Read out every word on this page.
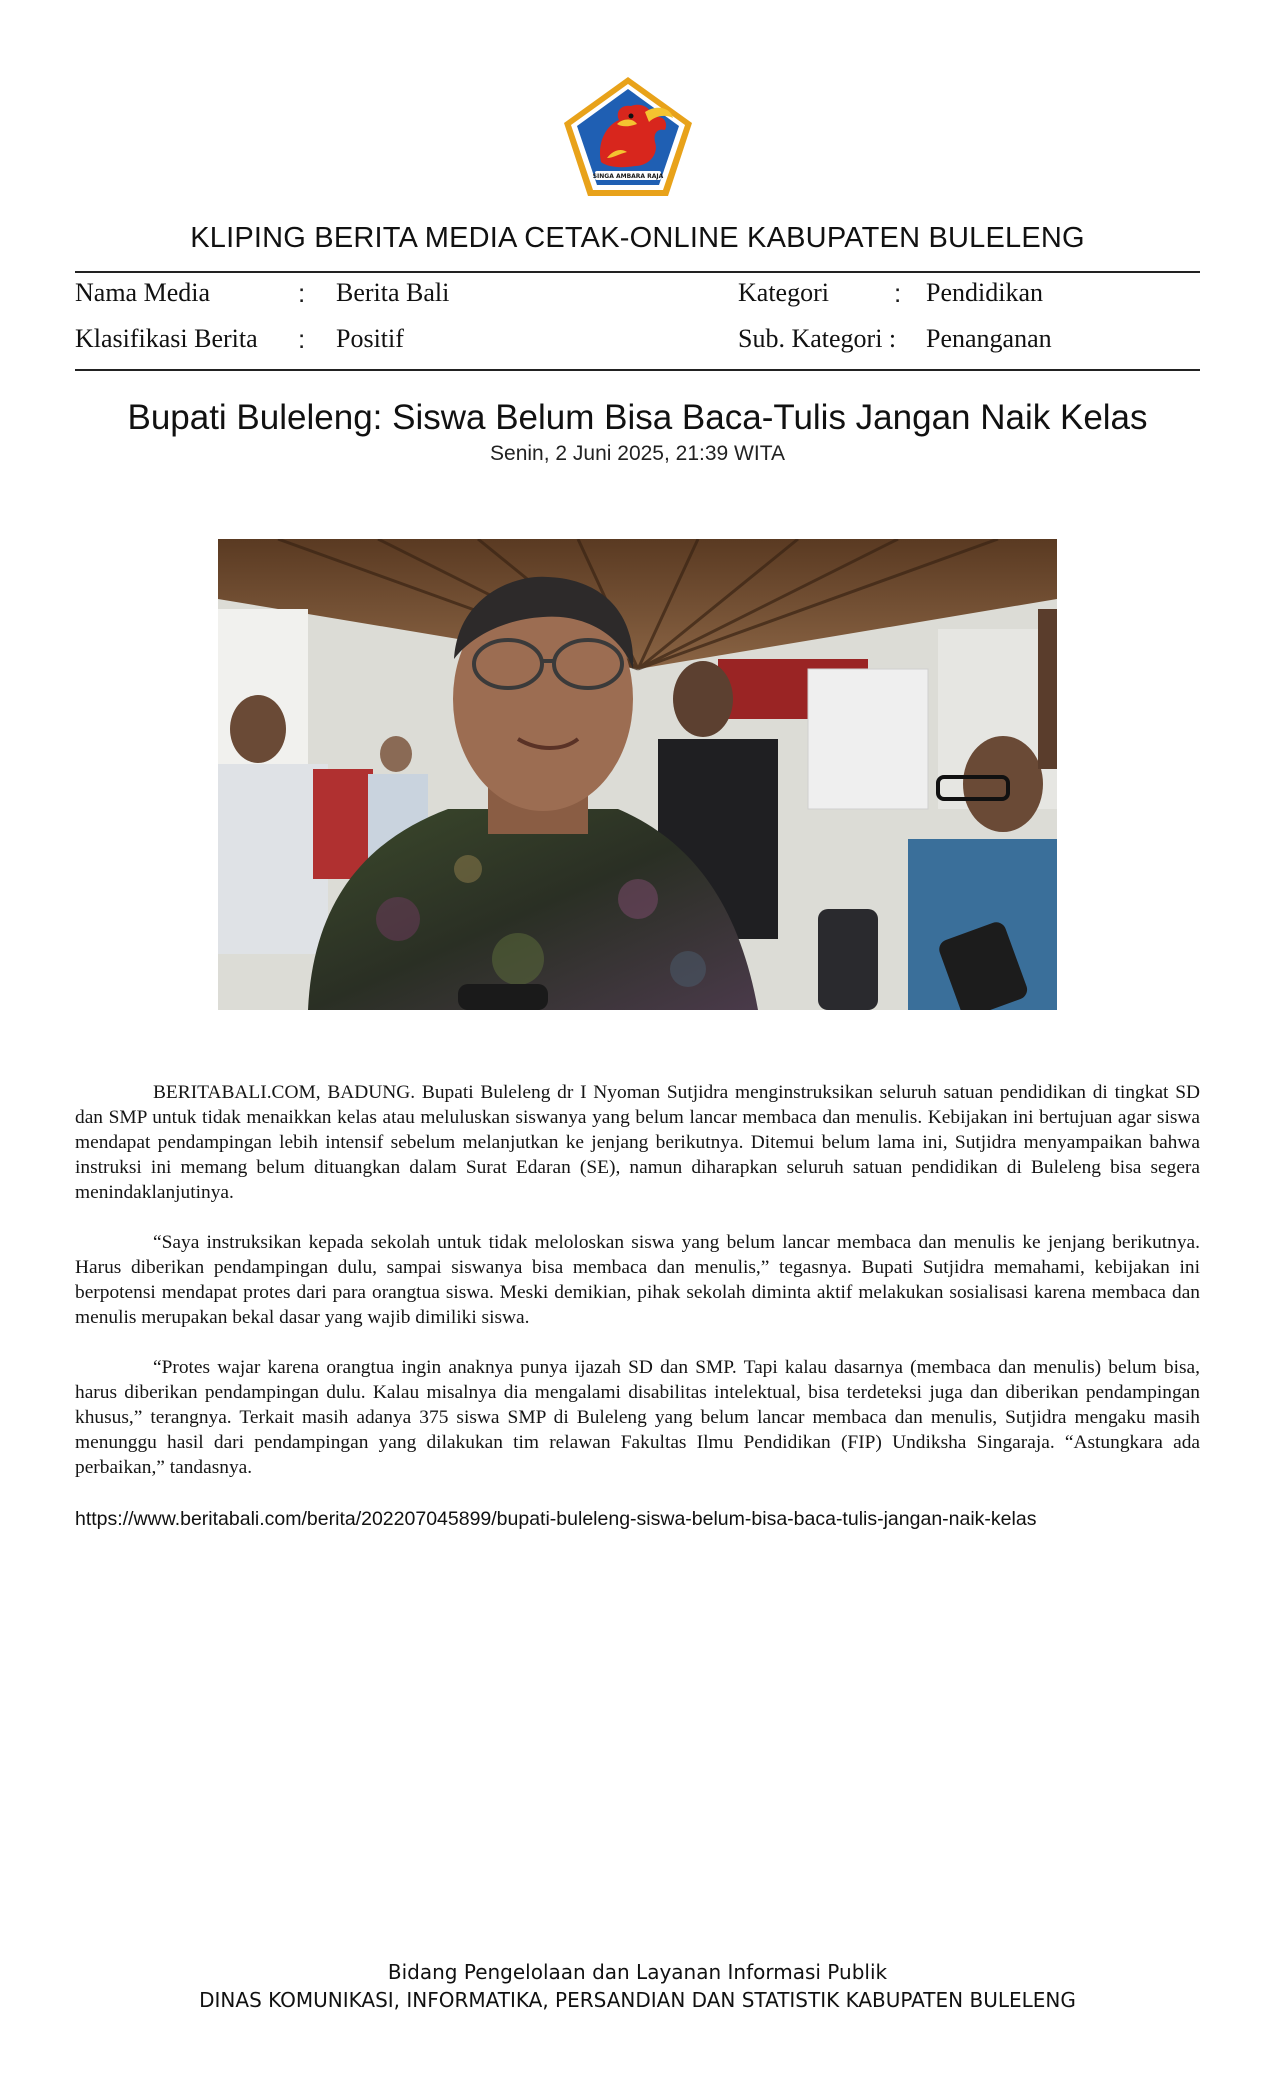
SINGA AMBARA RAJA
KLIPING BERITA MEDIA CETAK-ONLINE KABUPATEN BULELENG
Nama Media	: Berita Bali
Klasifikasi Berita : Positif
Kategori	: Pendidikan
Sub. Kategori : Penanganan
Bupati Buleleng: Siswa Belum Bisa Baca-Tulis Jangan Naik Kelas
Senin, 2 Juni 2025, 21:39 WITA

BERITABALI.COM, BADUNG. Bupati Buleleng dr I Nyoman Sutjidra menginstruksikan seluruh satuan pendidikan di tingkat SD dan SMP untuk tidak menaikkan kelas atau meluluskan siswanya yang belum lancar membaca dan menulis. Kebijakan ini bertujuan agar siswa mendapat pendampingan lebih intensif sebelum melanjutkan ke jenjang berikutnya. Ditemui belum lama ini, Sutjidra menyampaikan bahwa instruksi ini memang belum dituangkan dalam Surat Edaran (SE), namun diharapkan seluruh satuan pendidikan di Buleleng bisa segera menindaklanjutinya.

“Saya instruksikan kepada sekolah untuk tidak meloloskan siswa yang belum lancar membaca dan menulis ke jenjang berikutnya. Harus diberikan pendampingan dulu, sampai siswanya bisa membaca dan menulis,” tegasnya. Bupati Sutjidra memahami, kebijakan ini berpotensi mendapat protes dari para orangtua siswa. Meski demikian, pihak sekolah diminta aktif melakukan sosialisasi karena membaca dan menulis merupakan bekal dasar yang wajib dimiliki siswa.

“Protes wajar karena orangtua ingin anaknya punya ijazah SD dan SMP. Tapi kalau dasarnya (membaca dan menulis) belum bisa, harus diberikan pendampingan dulu. Kalau misalnya dia mengalami disabilitas intelektual, bisa terdeteksi juga dan diberikan pendampingan khusus,” terangnya. Terkait masih adanya 375 siswa SMP di Buleleng yang belum lancar membaca dan menulis, Sutjidra mengaku masih menunggu hasil dari pendampingan yang dilakukan tim relawan Fakultas Ilmu Pendidikan (FIP) Undiksha Singaraja. “Astungkara ada perbaikan,” tandasnya.

https://www.beritabali.com/berita/202207045899/bupati-buleleng-siswa-belum-bisa-baca-tulis-jangan-naik-kelas
Bidang Pengelolaan dan Layanan Informasi Publik
DINAS KOMUNIKASI, INFORMATIKA, PERSANDIAN DAN STATISTIK KABUPATEN BULELENG
